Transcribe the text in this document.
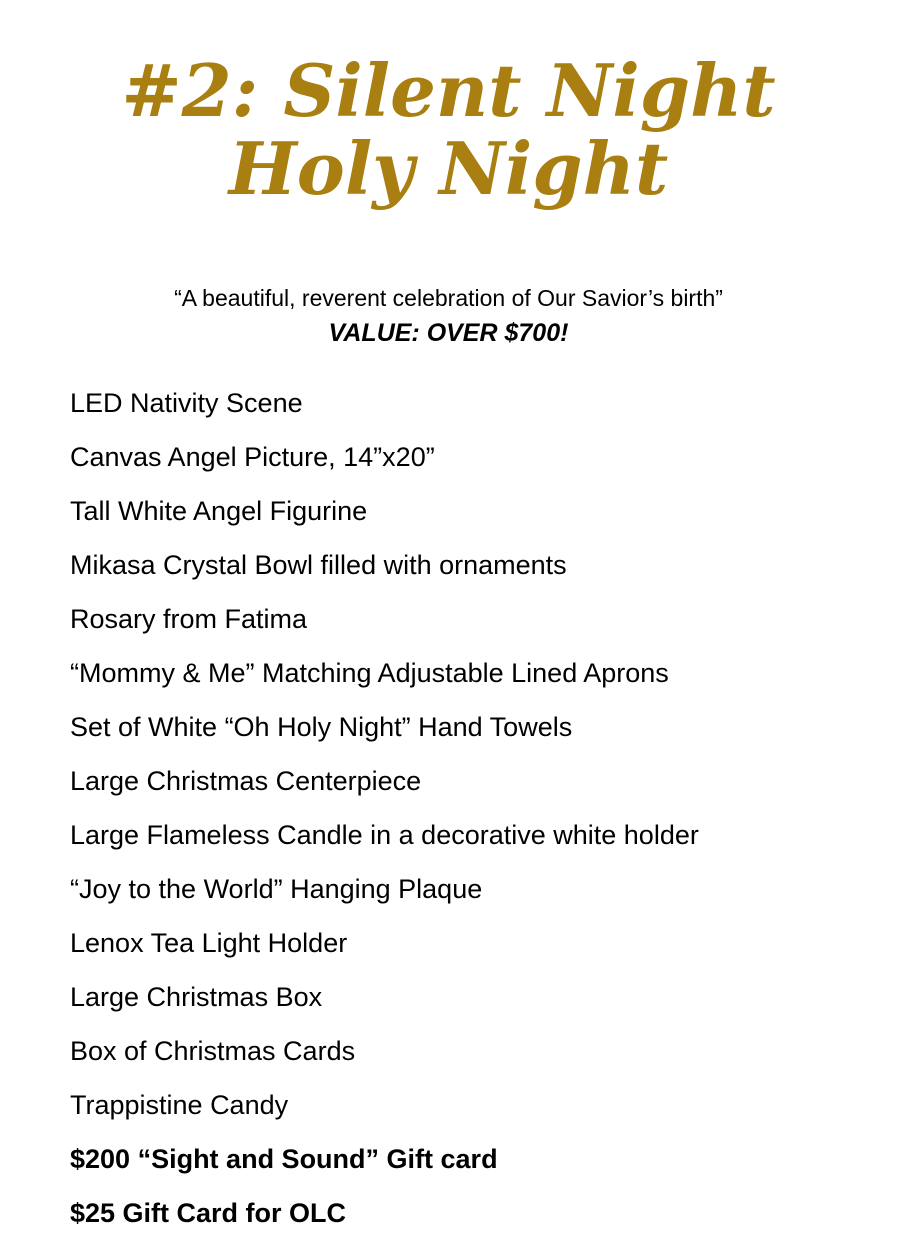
#2: Silent Night
Holy Night
“A beautiful, reverent celebration of Our Savior’s birth”
VALUE: OVER $700!
LED Nativity Scene
Canvas Angel Picture, 14”x20”
Tall White Angel Figurine
Mikasa Crystal Bowl filled with ornaments
Rosary from Fatima
“Mommy & Me” Matching Adjustable Lined Aprons
Set of White “Oh Holy Night” Hand Towels
Large Christmas Centerpiece
Large Flameless Candle in a decorative white holder
“Joy to the World” Hanging Plaque
Lenox Tea Light Holder
Large Christmas Box
Box of Christmas Cards
Trappistine Candy
$200 “Sight and Sound” Gift card
$25 Gift Card for OLC
